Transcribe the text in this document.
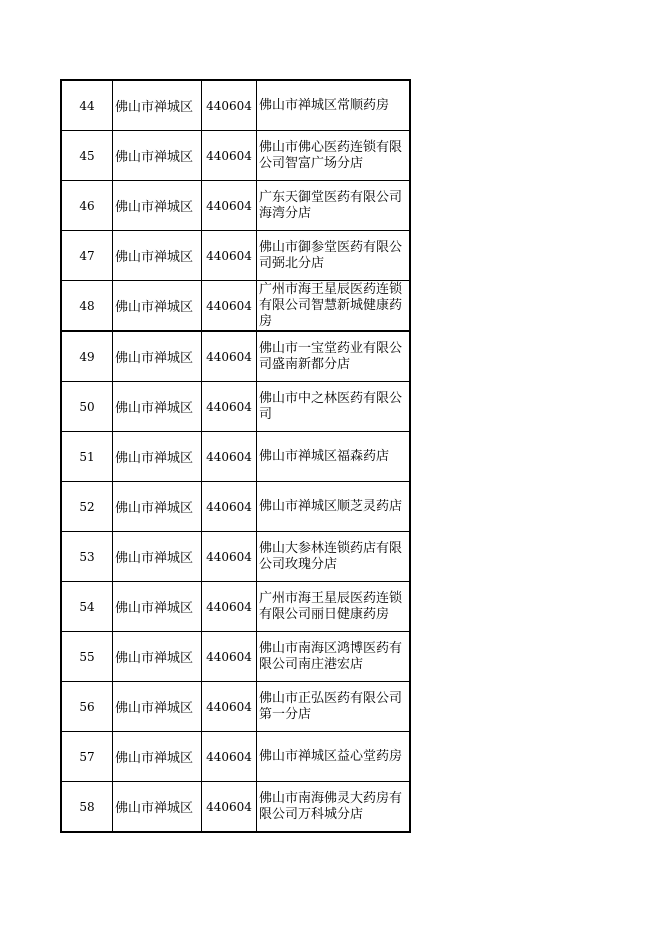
44	佛山市禅城区	440604	佛山市禅城区常顺药房
45	佛山市禅城区	440604	佛山市佛心医药连锁有限公司智富广场分店
46	佛山市禅城区	440604	广东天御堂医药有限公司海湾分店
47	佛山市禅城区	440604	佛山市御参堂医药有限公司弼北分店
48	佛山市禅城区	440604	广州市海王星辰医药连锁有限公司智慧新城健康药房
49	佛山市禅城区	440604	佛山市一宝堂药业有限公司盛南新都分店
50	佛山市禅城区	440604	佛山市中之林医药有限公司
51	佛山市禅城区	440604	佛山市禅城区福森药店
52	佛山市禅城区	440604	佛山市禅城区顺芝灵药店
53	佛山市禅城区	440604	佛山大参林连锁药店有限公司玫瑰分店
54	佛山市禅城区	440604	广州市海王星辰医药连锁有限公司丽日健康药房
55	佛山市禅城区	440604	佛山市南海区鸿博医药有限公司南庄港宏店
56	佛山市禅城区	440604	佛山市正弘医药有限公司第一分店
57	佛山市禅城区	440604	佛山市禅城区益心堂药房
58	佛山市禅城区	440604	佛山市南海佛灵大药房有限公司万科城分店
